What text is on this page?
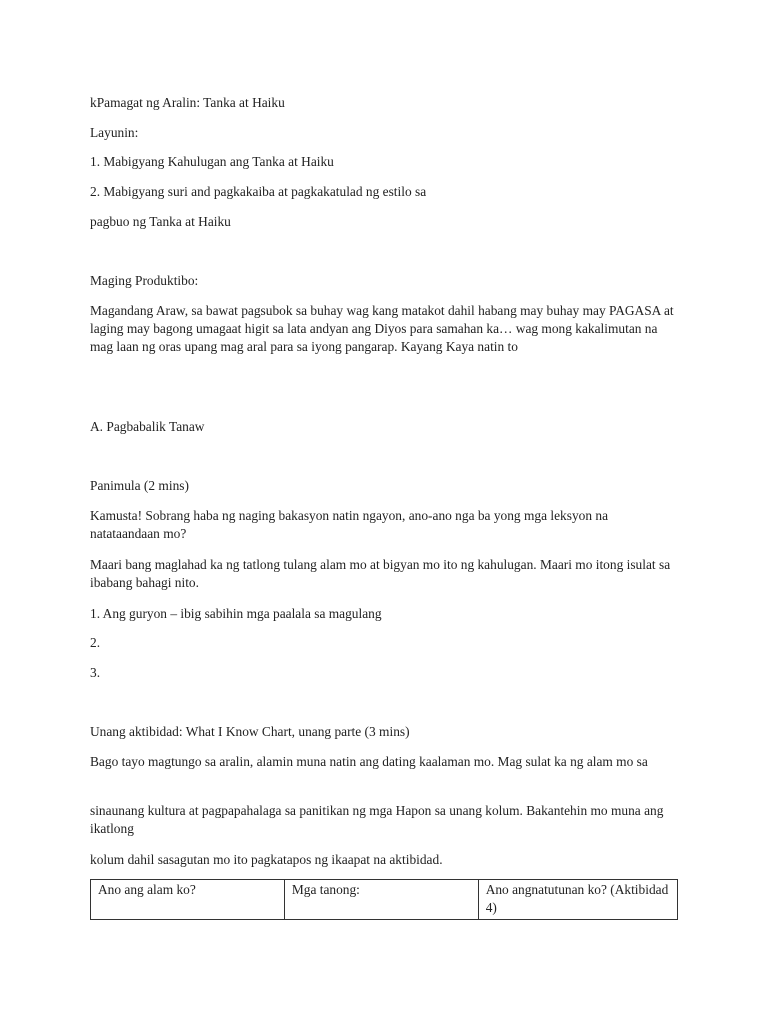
kPamagat ng Aralin: Tanka at Haiku

Layunin:

1. Mabigyang Kahulugan ang Tanka at Haiku

2. Mabigyang suri and pagkakaiba at pagkakatulad ng estilo sa

pagbuo ng Tanka at Haiku

Maging Produktibo:

Magandang Araw, sa bawat pagsubok sa buhay wag kang matakot dahil habang may buhay may PAGASA at laging may bagong umagaat higit sa lata andyan ang Diyos para samahan ka… wag mong kakalimutan na mag laan ng oras upang mag aral para sa iyong pangarap. Kayang Kaya natin to

A. Pagbabalik Tanaw

Panimula (2 mins)

Kamusta! Sobrang haba ng naging bakasyon natin ngayon, ano-ano nga ba yong mga leksyon na natataandaan mo?

Maari bang maglahad ka ng tatlong tulang alam mo at bigyan mo ito ng kahulugan. Maari mo itong isulat sa ibabang bahagi nito.

1. Ang guryon – ibig sabihin mga paalala sa magulang

2.

3.

Unang aktibidad: What I Know Chart, unang parte (3 mins)

Bago tayo magtungo sa aralin, alamin muna natin ang dating kaalaman mo. Mag sulat ka ng alam mo sa

sinaunang kultura at pagpapahalaga sa panitikan ng mga Hapon sa unang kolum. Bakantehin mo muna ang ikatlong

kolum dahil sasagutan mo ito pagkatapos ng ikaapat na aktibidad.

Ano ang alam ko?	Mga tanong:	Ano angnatutunan ko? (Aktibidad 4)
